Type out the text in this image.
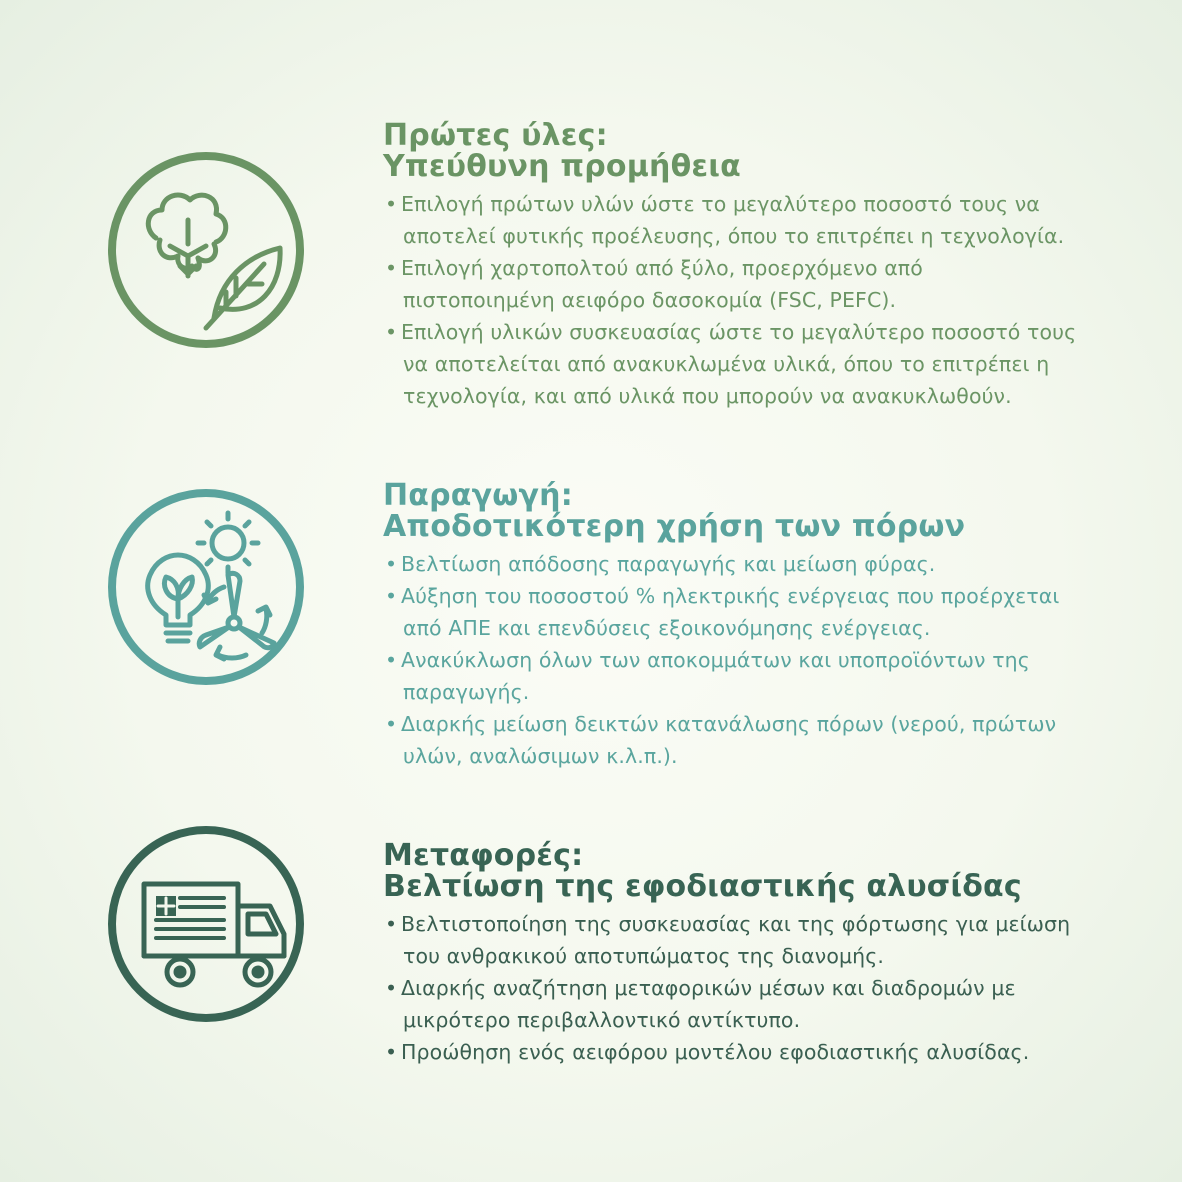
Πρώτες ύλες:
Υπεύθυνη προμήθεια
• Επιλογή πρώτων υλών ώστε το μεγαλύτερο ποσοστό τους να
αποτελεί φυτικής προέλευσης, όπου το επιτρέπει η τεχνολογία.
• Επιλογή χαρτοπολτού από ξύλο, προερχόμενο από
πιστοποιημένη αειφόρο δασοκομία (FSC, PEFC).
• Επιλογή υλικών συσκευασίας ώστε το μεγαλύτερο ποσοστό τους
να αποτελείται από ανακυκλωμένα υλικά, όπου το επιτρέπει η
τεχνολογία, και από υλικά που μπορούν να ανακυκλωθούν.
Παραγωγή:
Αποδοτικότερη χρήση των πόρων
• Βελτίωση απόδοσης παραγωγής και μείωση φύρας.
• Αύξηση του ποσοστού % ηλεκτρικής ενέργειας που προέρχεται
από ΑΠΕ και επενδύσεις εξοικονόμησης ενέργειας.
• Ανακύκλωση όλων των αποκομμάτων και υποπροϊόντων της
παραγωγής.
• Διαρκής μείωση δεικτών κατανάλωσης πόρων (νερού, πρώτων
υλών, αναλώσιμων κ.λ.π.).
Μεταφορές:
Βελτίωση της εφοδιαστικής αλυσίδας
• Βελτιστοποίηση της συσκευασίας και της φόρτωσης για μείωση
του ανθρακικού αποτυπώματος της διανομής.
• Διαρκής αναζήτηση μεταφορικών μέσων και διαδρομών με
μικρότερο περιβαλλοντικό αντίκτυπο.
• Προώθηση ενός αειφόρου μοντέλου εφοδιαστικής αλυσίδας.
